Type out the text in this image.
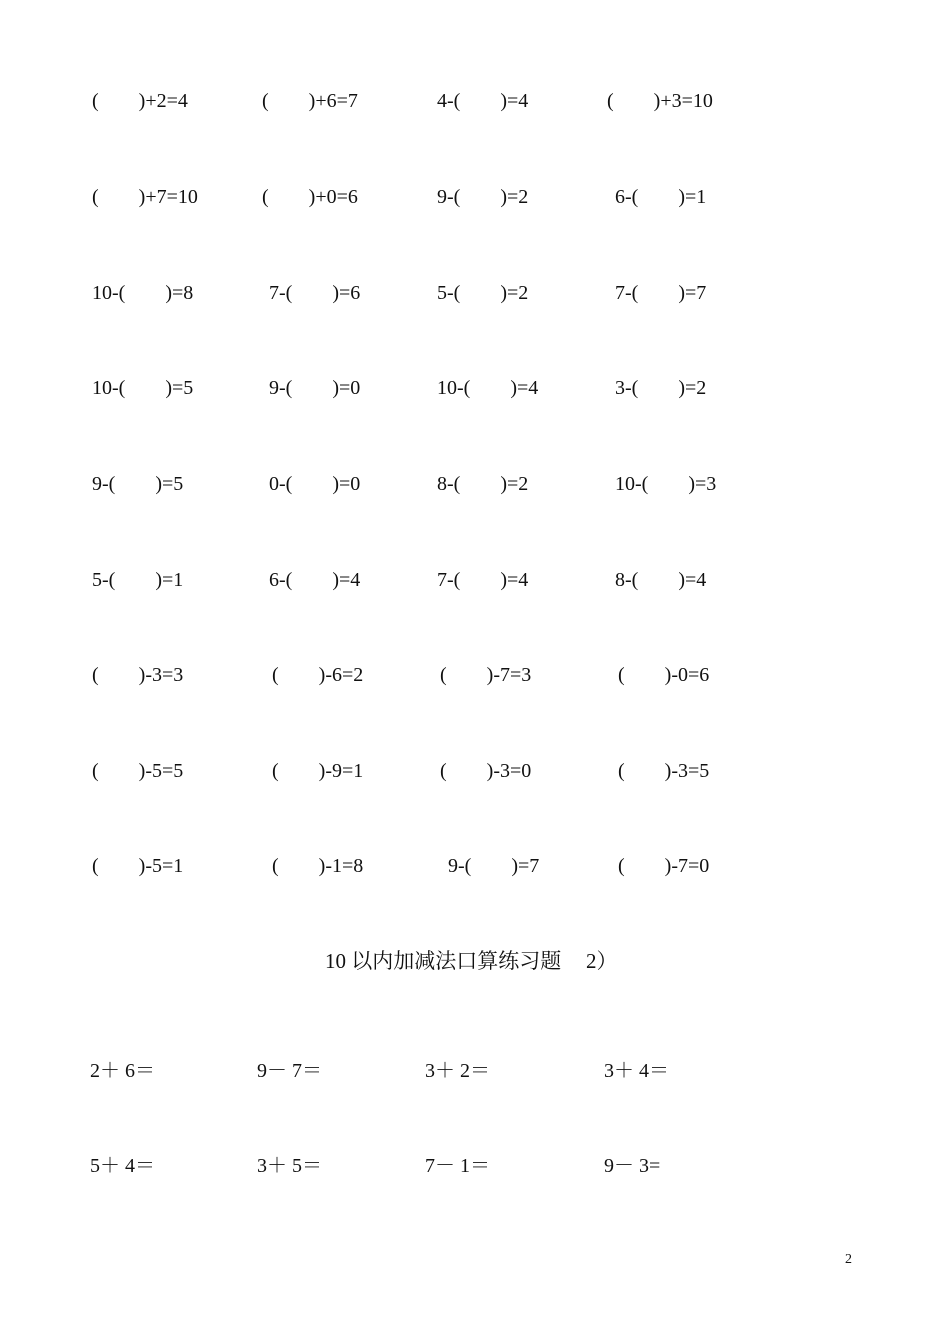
(　　)+2=4	(　　)+6=7	4-(　　)=4	(　　)+3=10
(　　)+7=10	(　　)+0=6	9-(　　)=2	6-(　　)=1
10-(　　)=8	7-(　　)=6	5-(　　)=2	7-(　　)=7
10-(　　)=5	9-(　　)=0	10-(　　)=4	3-(　　)=2
9-(　　)=5	0-(　　)=0	8-(　　)=2	10-(　　)=3
5-(　　)=1	6-(　　)=4	7-(　　)=4	8-(　　)=4
(　　)-3=3	(　　)-6=2	(　　)-7=3	(　　)-0=6
(　　)-5=5	(　　)-9=1	(　　)-3=0	(　　)-3=5
(　　)-5=1	(　　)-1=8	9-(　　)=7	(　　)-7=0
10 以内加减法口算练习题 2）
2＋ 6＝	9－ 7＝	3＋ 2＝	3＋ 4＝
5＋ 4＝	3＋ 5＝	7－ 1＝	9－ 3=
2
